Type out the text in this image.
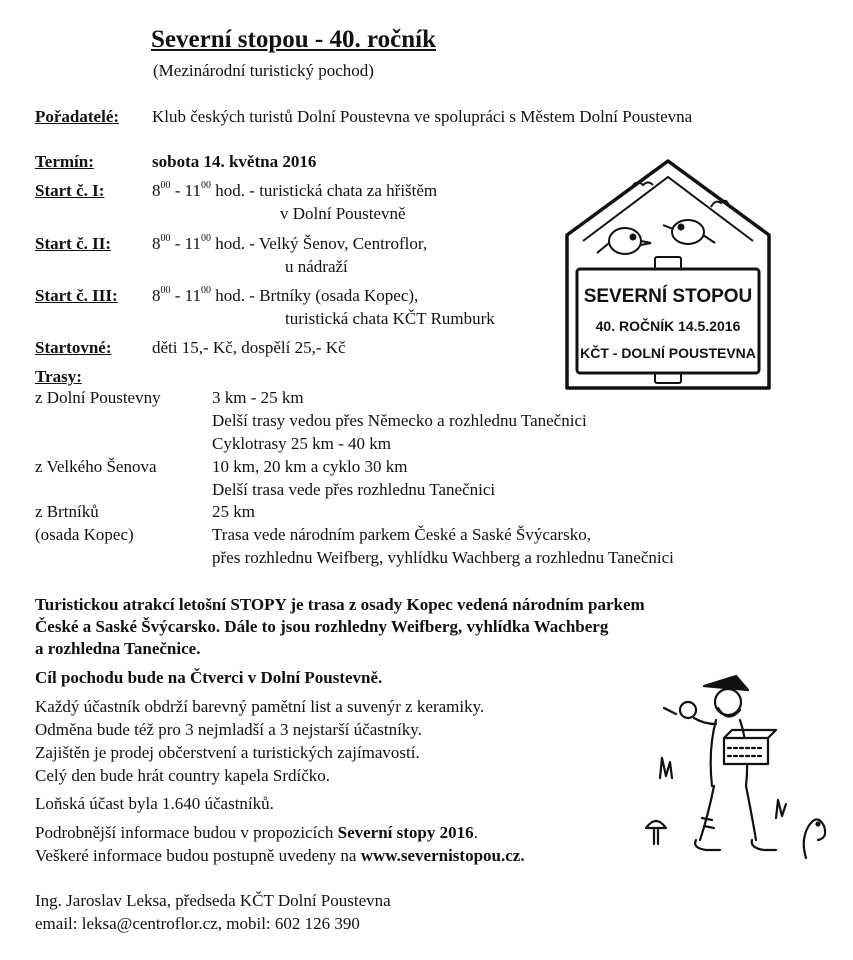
Severní stopou - 40. ročník
(Mezinárodní turistický pochod)
Pořadatelé: Klub českých turistů Dolní Poustevna ve spolupráci s Městem Dolní Poustevna
Termín:	sobota 14. května 2016
Start č. I:	$8^{00} - 11^{00}$ hod. - turistická chata za hřištěm
v Dolní Poustevně
Start č. II: $8^{00} - 11^{00}$ hod. - Velký Šenov, Centroflor,
u nádraží
Start č. III: $8^{00} - 11^{00}$ hod. - Brtníky (osada Kopec),
turistická chata KČT Rumburk
Startovné: děti 15,- Kč, dospělí 25,- Kč
Trasy:
z Dolní Poustevny	3 km - 25 km
Delší trasy vedou přes Německo a rozhlednu Tanečnici
Cyklotrasy 25 km - 40 km
z Velkého Šenova	10 km, 20 km a cyklo 30 km
Delší trasa vede přes rozhlednu Tanečnici
z Brtníků	25 km
(osada Kopec)	Trasa vede národním parkem České a Saské Švýcarsko,
přes rozhlednu Weifberg, vyhlídku Wachberg a rozhlednu Tanečnici
Turistickou atrakcí letošní STOPY je trasa z osady Kopec vedená národním parkem
České a Saské Švýcarsko. Dále to jsou rozhledny Weifberg, vyhlídka Wachberg
a rozhledna Tanečnice.
Cíl pochodu bude na Čtverci v Dolní Poustevně.
Každý účastník obdrží barevný pamětní list a suvenýr z keramiky.
Odměna bude též pro 3 nejmladší a 3 nejstarší účastníky.
Zajištěn je prodej občerstvení a turistických zajímavostí.
Celý den bude hrát country kapela Srdíčko.
Loňská účast byla 1.640 účastníků.
Podrobnější informace budou v propozicích Severní stopy 2016.
Veškeré informace budou postupně uvedeny na www.severnistopou.cz.
Ing. Jaroslav Leksa, předseda KČT Dolní Poustevna
email: leksa@centroflor.cz, mobil: 602 126 390
SEVERNÍ STOPOU
40. ROČNÍK 14.5.2016
KČT - DOLNÍ POUSTEVNA
